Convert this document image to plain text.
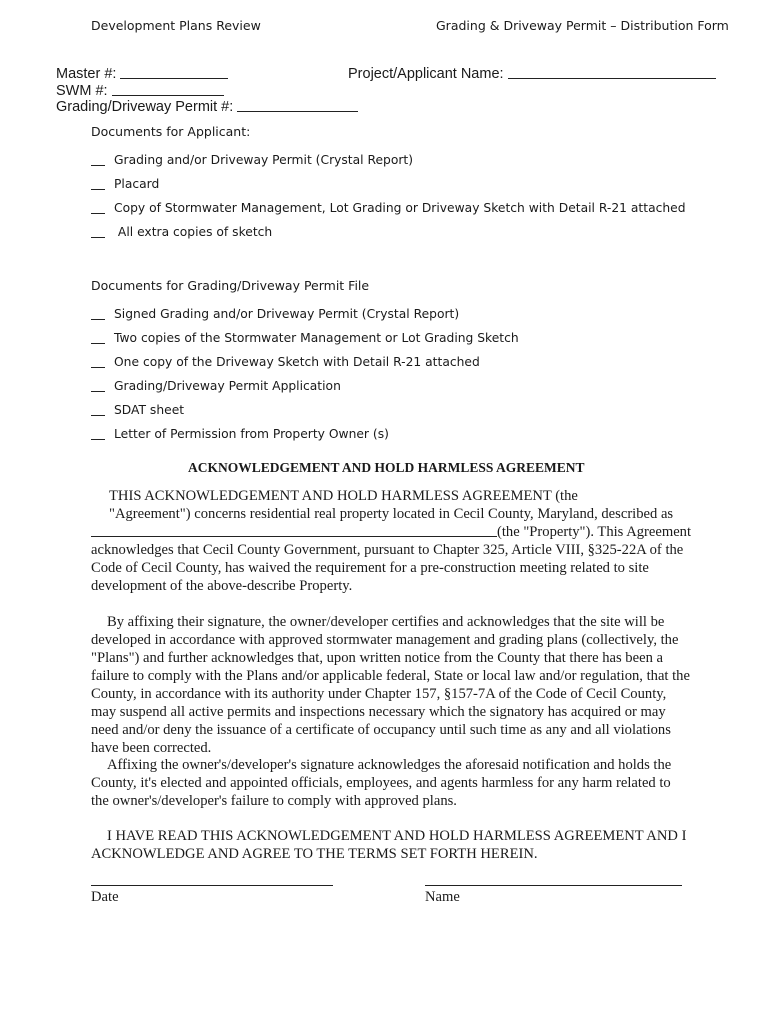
Development Plans Review	Grading & Driveway Permit – Distribution Form
Master #:	Project/Applicant Name:
SWM #:
Grading/Driveway Permit #:
Documents for Applicant:
Grading and/or Driveway Permit (Crystal Report)
Placard
Copy of Stormwater Management, Lot Grading or Driveway Sketch with Detail R-21 attached
All extra copies of sketch
Documents for Grading/Driveway Permit File
Signed Grading and/or Driveway Permit (Crystal Report)
Two copies of the Stormwater Management or Lot Grading Sketch
One copy of the Driveway Sketch with Detail R-21 attached
Grading/Driveway Permit Application
SDAT sheet
Letter of Permission from Property Owner (s)
ACKNOWLEDGEMENT AND HOLD HARMLESS AGREEMENT
THIS ACKNOWLEDGEMENT AND HOLD HARMLESS AGREEMENT (the
"Agreement") concerns residential real property located in Cecil County, Maryland, described as
(the "Property"). This Agreement
acknowledges that Cecil County Government, pursuant to Chapter 325, Article VIII, §325-22A of the
Code of Cecil County, has waived the requirement for a pre-construction meeting related to site
development of the above-describe Property.
By affixing their signature, the owner/developer certifies and acknowledges that the site will be
developed in accordance with approved stormwater management and grading plans (collectively, the
"Plans") and further acknowledges that, upon written notice from the County that there has been a
failure to comply with the Plans and/or applicable federal, State or local law and/or regulation, that the
County, in accordance with its authority under Chapter 157, §157-7A of the Code of Cecil County,
may suspend all active permits and inspections necessary which the signatory has acquired or may
need and/or deny the issuance of a certificate of occupancy until such time as any and all violations
have been corrected.
Affixing the owner's/developer's signature acknowledges the aforesaid notification and holds the
County, it's elected and appointed officials, employees, and agents harmless for any harm related to
the owner's/developer's failure to comply with approved plans.
I HAVE READ THIS ACKNOWLEDGEMENT AND HOLD HARMLESS AGREEMENT AND I
ACKNOWLEDGE AND AGREE TO THE TERMS SET FORTH HEREIN.
Date	Name
